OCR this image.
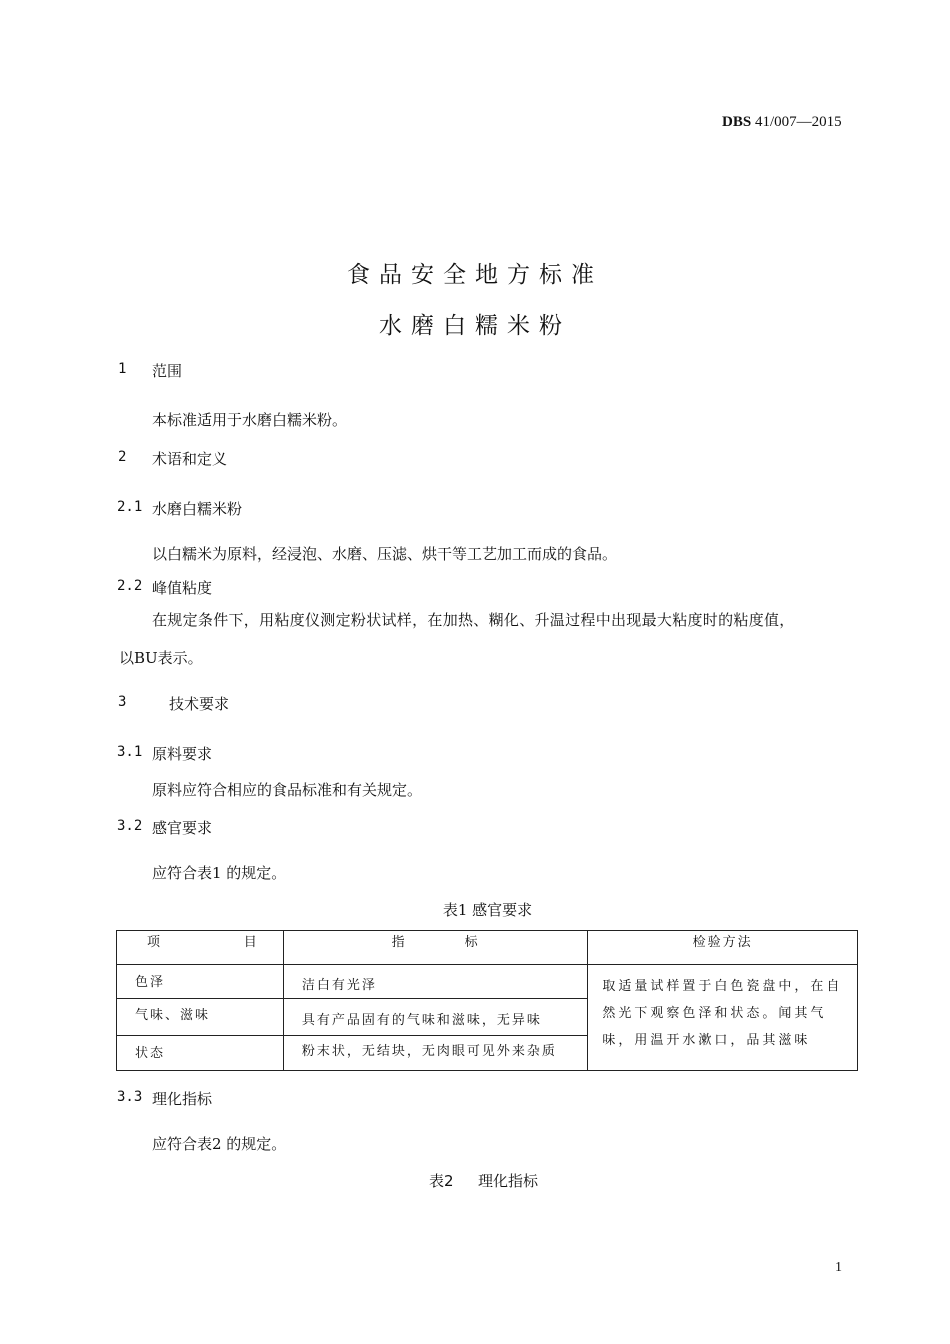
DBS 41/007—2015
食品安全地方标准
水磨白糯米粉
1 范围
本标准适用于水磨白糯米粉。
2 术语和定义
2.1 水磨白糯米粉
以白糯米为原料，经浸泡、水磨、压滤、烘干等工艺加工而成的食品。
2.2 峰值粘度
在规定条件下，用粘度仪测定粉状试样，在加热、糊化、升温过程中出现最大粘度时的粘度值，
以BU表示。
3	技术要求
3.1 原料要求
原料应符合相应的食品标准和有关规定。
3.2 感官要求
应符合表1 的规定。
表1 感官要求
项 目	指 标	检验方法

色泽	洁白有光泽	取适量试样置于白色瓷盘中，在自然光下观察色泽和状态。闻其气味，用温开水漱口，品其滋味

气味、滋味	具有产品固有的气味和滋味，无异味	

状态	粉末状，无结块，无肉眼可见外来杂质	
3.3 理化指标
应符合表2 的规定。
表2 理化指标
1
